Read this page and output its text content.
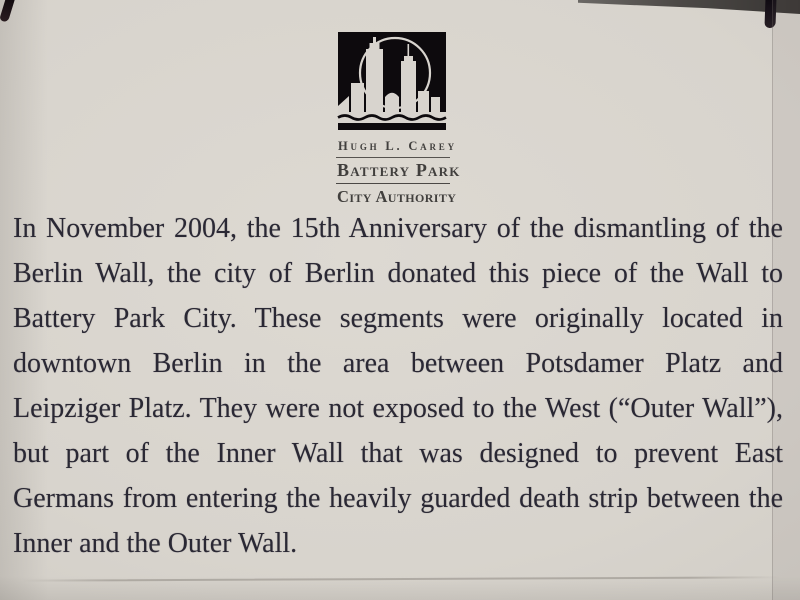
Hugh L. Carey
Battery Park
City Authority
In November 2004, the 15th Anniversary of the dismantling of the
Berlin Wall, the city of Berlin donated this piece of the Wall to
Battery Park City. These segments were originally located in
downtown Berlin in the area between Potsdamer Platz and
Leipziger Platz. They were not exposed to the West (“Outer Wall”),
but part of the Inner Wall that was designed to prevent East
Germans from entering the heavily guarded death strip between the
Inner and the Outer Wall.
